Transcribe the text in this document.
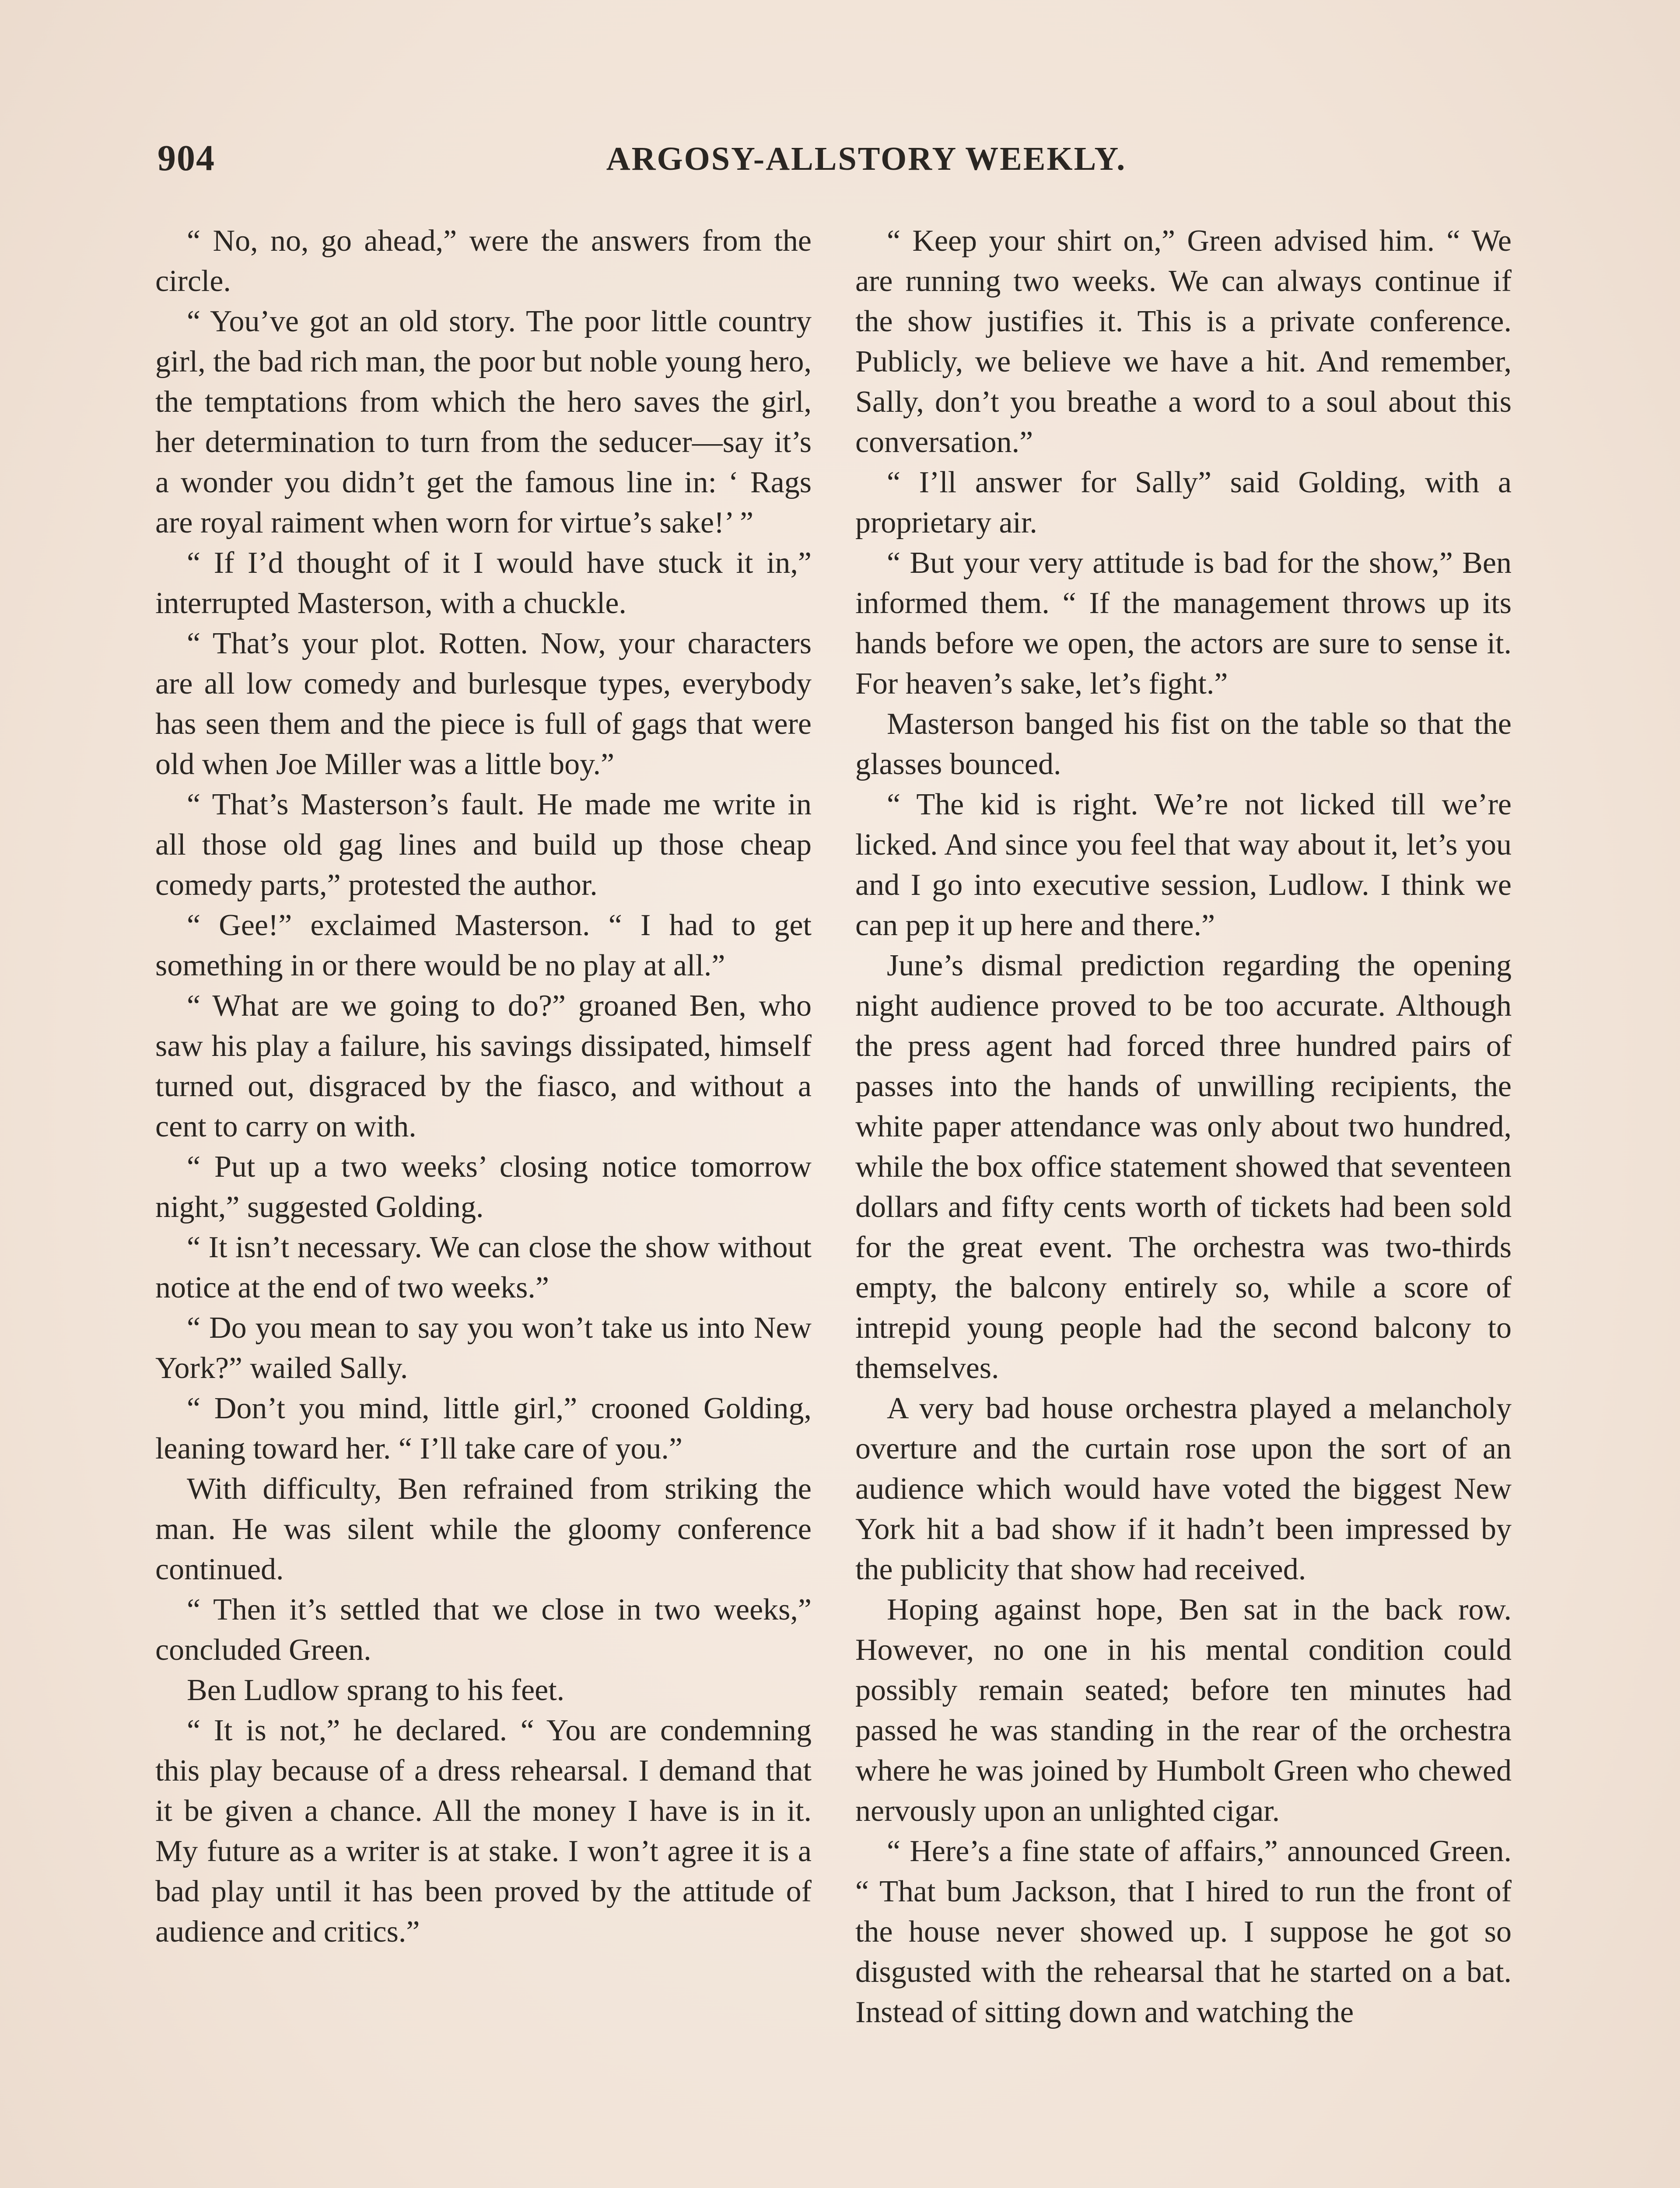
904	ARGOSY-ALLSTORY WEEKLY.

“ No, no, go ahead,” were the answers from the circle.

“ You’ve got an old story. The poor little country girl, the bad rich man, the poor but noble young hero, the temptations from which the hero saves the girl, her determination to turn from the seducer—say it’s a wonder you didn’t get the famous line in: ‘ Rags are royal raiment when worn for virtue’s sake!’ ”

“ If I’d thought of it I would have stuck it in,” interrupted Masterson, with a chuckle.

“ That’s your plot. Rotten. Now, your characters are all low comedy and burlesque types, everybody has seen them and the piece is full of gags that were old when Joe Miller was a little boy.”

“ That’s Masterson’s fault. He made me write in all those old gag lines and build up those cheap comedy parts,” protested the author.

“ Gee!” exclaimed Masterson. “ I had to get something in or there would be no play at all.”

“ What are we going to do?” groaned Ben, who saw his play a failure, his savings dissipated, himself turned out, disgraced by the fiasco, and without a cent to carry on with.

“ Put up a two weeks’ closing notice tomorrow night,” suggested Golding.

“ It isn’t necessary. We can close the show without notice at the end of two weeks.”

“ Do you mean to say you won’t take us into New York?” wailed Sally.

“ Don’t you mind, little girl,” crooned Golding, leaning toward her. “ I’ll take care of you.”

With difficulty, Ben refrained from striking the man. He was silent while the gloomy conference continued.

“ Then it’s settled that we close in two weeks,” concluded Green.

Ben Ludlow sprang to his feet.

“ It is not,” he declared. “ You are condemning this play because of a dress rehearsal. I demand that it be given a chance. All the money I have is in it. My future as a writer is at stake. I won’t agree it is a bad play until it has been proved by the attitude of audience and critics.”

“ Keep your shirt on,” Green advised him. “ We are running two weeks. We can always continue if the show justifies it. This is a private conference. Publicly, we believe we have a hit. And remember, Sally, don’t you breathe a word to a soul about this conversation.”

“ I’ll answer for Sally” said Golding, with a proprietary air.

“ But your very attitude is bad for the show,” Ben informed them. “ If the management throws up its hands before we open, the actors are sure to sense it. For heaven’s sake, let’s fight.”

Masterson banged his fist on the table so that the glasses bounced.

“ The kid is right. We’re not licked till we’re licked. And since you feel that way about it, let’s you and I go into executive session, Ludlow. I think we can pep it up here and there.”

June’s dismal prediction regarding the opening night audience proved to be too accurate. Although the press agent had forced three hundred pairs of passes into the hands of unwilling recipients, the white paper attendance was only about two hundred, while the box office statement showed that seventeen dollars and fifty cents worth of tickets had been sold for the great event. The orchestra was two-thirds empty, the balcony entirely so, while a score of intrepid young people had the second balcony to themselves.

A very bad house orchestra played a melancholy overture and the curtain rose upon the sort of an audience which would have voted the biggest New York hit a bad show if it hadn’t been impressed by the publicity that show had received.

Hoping against hope, Ben sat in the back row. However, no one in his mental condition could possibly remain seated; before ten minutes had passed he was standing in the rear of the orchestra where he was joined by Humbolt Green who chewed nervously upon an unlighted cigar.

“ Here’s a fine state of affairs,” announced Green. “ That bum Jackson, that I hired to run the front of the house never showed up. I suppose he got so disgusted with the rehearsal that he started on a bat. Instead of sitting down and watching the
